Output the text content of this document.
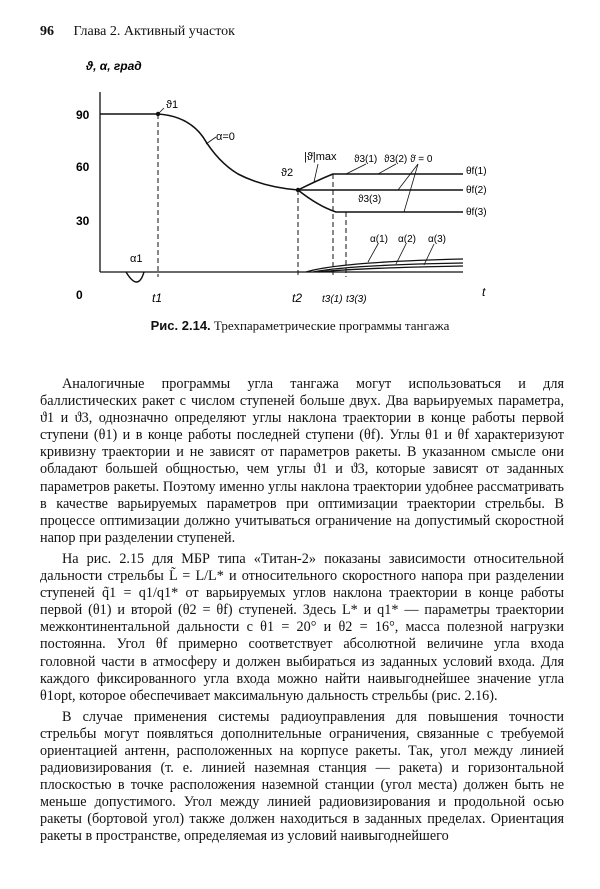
96 Глава 2. Активный участок
ϑ, α, град
90
60
30
0
α1
ϑ1
α=0
ϑ2
|ϑ̇|max ϑ3(1) ϑ3(2) ϑ̇ = 0
ϑ3(3)
θf(1)
θf(2)
θf(3)
α(1) α(2) α(3)
t1	t2 t3(1) t3(3)
t
Рис. 2.14. Трехпараметрические программы тангажа

Аналогичные программы угла тангажа могут использоваться и для баллистических ракет с числом ступеней больше двух. Два варьируемых параметра, ϑ1 и ϑ3, однозначно определяют углы наклона траектории в конце работы первой ступени (θ1) и в конце работы последней ступени (θf). Углы θ1 и θf характеризуют кривизну траектории и не зависят от параметров ракеты. В указанном смысле они обладают большей общностью, чем углы ϑ1 и ϑ3, которые зависят от заданных параметров ракеты. Поэтому именно углы наклона траектории удобнее рассматривать в качестве варьируемых параметров при оптимизации траектории стрельбы. В процессе оптимизации должно учитываться ограничение на допустимый скоростной напор при разделении ступеней.

На рис. 2.15 для МБР типа «Титан-2» показаны зависимости относительной дальности стрельбы L̃ = L/L* и относительного скоростного напора при разделении ступеней q̃1 = q1/q1* от варьируемых углов наклона траектории в конце работы первой (θ1) и второй (θ2 = θf) ступеней. Здесь L* и q1* — параметры траектории межконтинентальной дальности с θ1 = 20° и θ2 = 16°, масса полезной нагрузки постоянна. Угол θf примерно соответствует абсолютной величине угла входа головной части в атмосферу и должен выбираться из заданных условий входа. Для каждого фиксированного угла входа можно найти наивыгоднейшее значение угла θ1opt, которое обеспечивает максимальную дальность стрельбы (рис. 2.16).

В случае применения системы радиоуправления для повышения точности стрельбы могут появляться дополнительные ограничения, связанные с требуемой ориентацией антенн, расположенных на корпусе ракеты. Так, угол между линией радиовизирования (т. е. линией наземная станция — ракета) и горизонтальной плоскостью в точке расположения наземной станции (угол места) должен быть не меньше допустимого. Угол между линией радиовизирования и продольной осью ракеты (бортовой угол) также должен находиться в заданных пределах. Ориентация ракеты в пространстве, определяемая из условий наивыгоднейшего
